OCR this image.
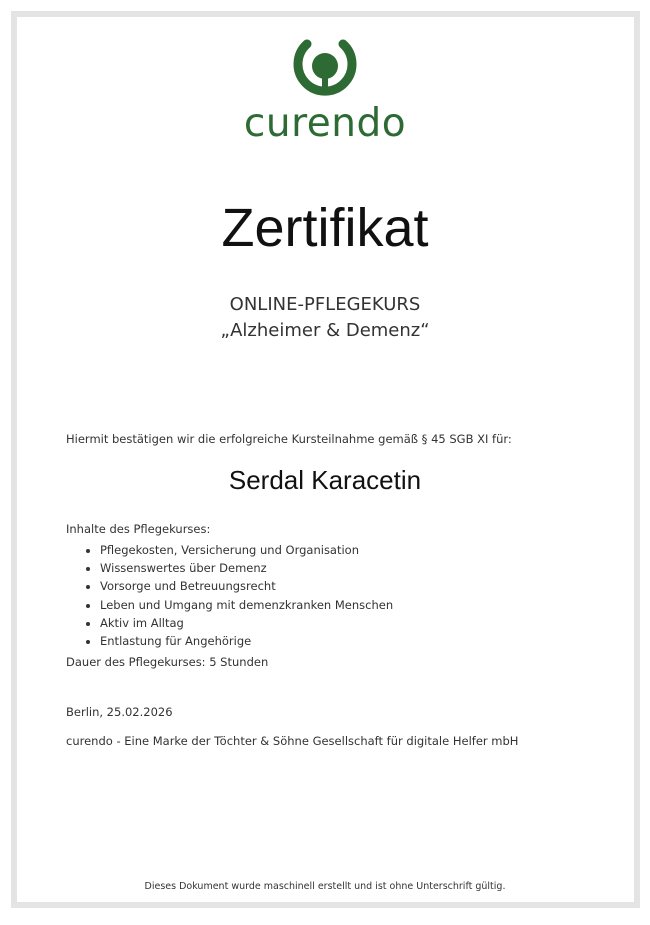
curendo
Zertifikat
ONLINE-PFLEGEKURS
„Alzheimer & Demenz“
Hiermit bestätigen wir die erfolgreiche Kursteilnahme gemäß § 45 SGB XI für:
Serdal Karacetin
Inhalte des Pflegekurses:
• Pflegekosten, Versicherung und Organisation
• Wissenswertes über Demenz
• Vorsorge und Betreuungsrecht
• Leben und Umgang mit demenzkranken Menschen
• Aktiv im Alltag
• Entlastung für Angehörige
Dauer des Pflegekurses: 5 Stunden
Berlin, 25.02.2026
curendo - Eine Marke der Töchter & Söhne Gesellschaft für digitale Helfer mbH
Dieses Dokument wurde maschinell erstellt und ist ohne Unterschrift gültig.
